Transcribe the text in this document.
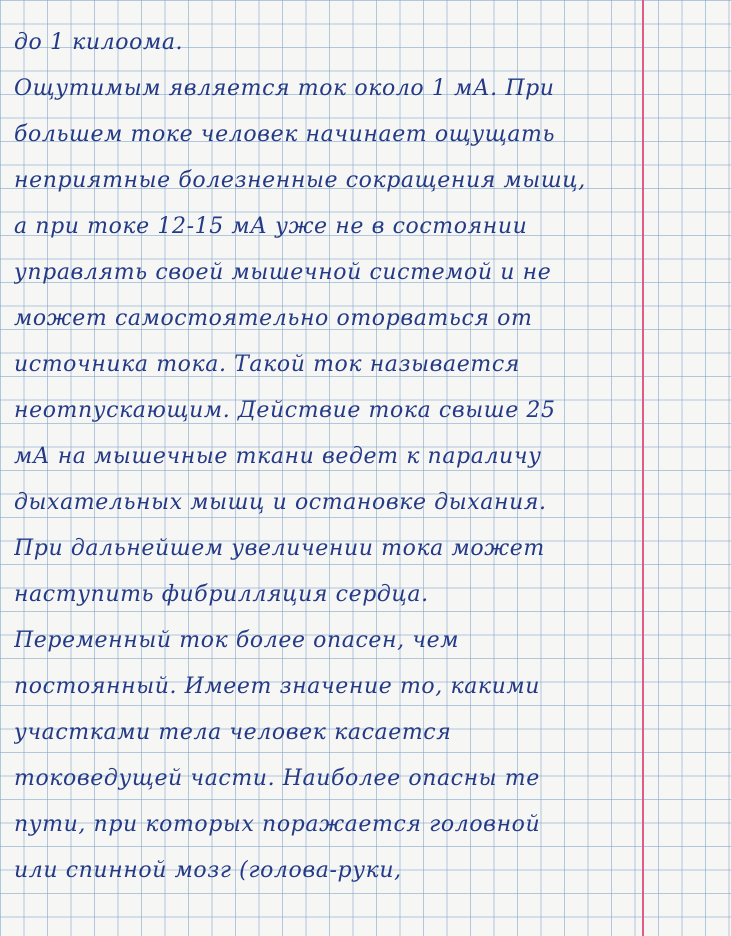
до 1 килоома.
Ощутимым является ток около 1 мА. При
большем токе человек начинает ощущать
неприятные болезненные сокращения мышц,
а при токе 12-15 мА уже не в состоянии
управлять своей мышечной системой и не
может самостоятельно оторваться от
источника тока. Такой ток называется
неотпускающим. Действие тока свыше 25
мА на мышечные ткани ведет к параличу
дыхательных мышц и остановке дыхания.
При дальнейшем увеличении тока может
наступить фибрилляция сердца.
Переменный ток более опасен, чем
постоянный. Имеет значение то, какими
участками тела человек касается
токоведущей части. Наиболее опасны те
пути, при которых поражается головной
или спинной мозг (голова-руки,
